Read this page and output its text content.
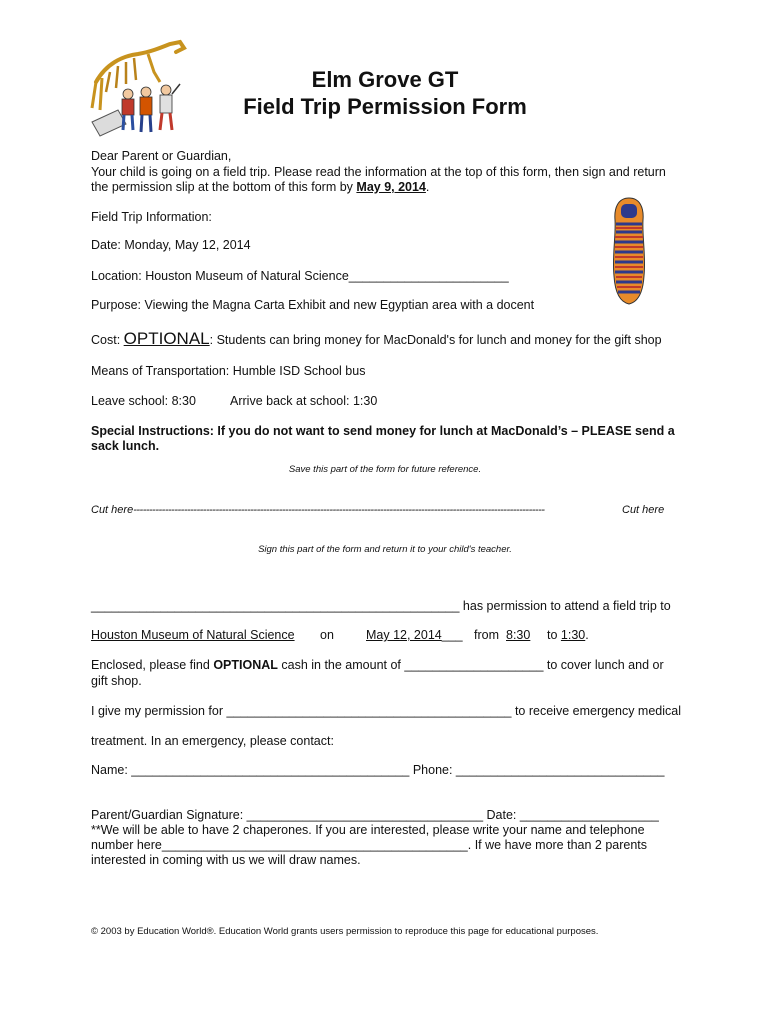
Elm Grove GT
Field Trip Permission Form
Dear Parent or Guardian,
Your child is going on a field trip. Please read the information at the top of this form, then sign and return
the permission slip at the bottom of this form by May 9, 2014.
Field Trip Information:
Date: Monday, May 12, 2014
Location: Houston Museum of Natural Science_______________________
Purpose: Viewing the Magna Carta Exhibit and new Egyptian area with a docent
Cost: OPTIONAL: Students can bring money for MacDonald's for lunch and money for the gift shop
Means of Transportation: Humble ISD School bus
Leave school: 8:30	Arrive back at school: 1:30
Special Instructions: If you do not want to send money for lunch at MacDonald’s – PLEASE send a
sack lunch.
Save this part of the form for future reference.
Cut here----------------------------------------------------------------------------------------------------------------------------------	Cut here
Sign this part of the form and return it to your child's teacher.
_____________________________________________________ has permission to attend a field trip to
Houston Museum of Natural Science on	May 12, 2014___ from 8:30 to 1:30.
Enclosed, please find OPTIONAL cash in the amount of ____________________ to cover lunch and or
gift shop.
I give my permission for _________________________________________ to receive emergency medical
treatment. In an emergency, please contact:
Name: ________________________________________ Phone: ______________________________
Parent/Guardian Signature: __________________________________ Date: ____________________
**We will be able to have 2 chaperones. If you are interested, please write your name and telephone
number here____________________________________________. If we have more than 2 parents
interested in coming with us we will draw names.
© 2003 by Education World®. Education World grants users permission to reproduce this page for educational purposes.
